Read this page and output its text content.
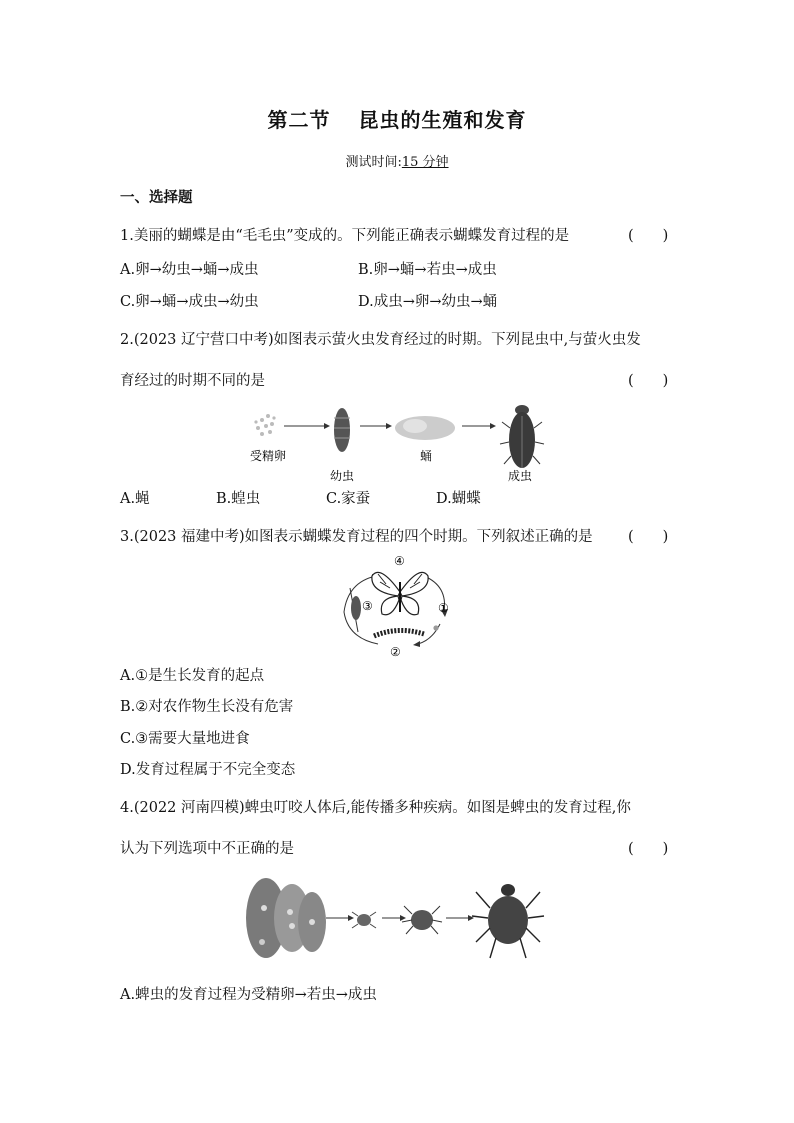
第二节 昆虫的生殖和发育
测试时间:15 分钟
一、选择题
1.美丽的蝴蝶是由“毛毛虫”变成的。下列能正确表示蝴蝶发育过程的是	(　　)
A.卵→幼虫→蛹→成虫	B.卵→蛹→若虫→成虫
C.卵→蛹→成虫→幼虫	D.成虫→卵→幼虫→蛹
2.(2023 辽宁营口中考)如图表示萤火虫发育经过的时期。下列昆虫中,与萤火虫发
育经过的时期不同的是	(　　)
受精卵
幼虫
蛹
成虫
A.蝇	B.蝗虫	C.家蚕	D.蝴蝶
3.(2023 福建中考)如图表示蝴蝶发育过程的四个时期。下列叙述正确的是 (　　)
④
①
②
③
A.①是生长发育的起点
B.②对农作物生长没有危害
C.③需要大量地进食
D.发育过程属于不完全变态
4.(2022 河南四模)蜱虫叮咬人体后,能传播多种疾病。如图是蜱虫的发育过程,你
认为下列选项中不正确的是	(　　)
A.蜱虫的发育过程为受精卵→若虫→成虫
